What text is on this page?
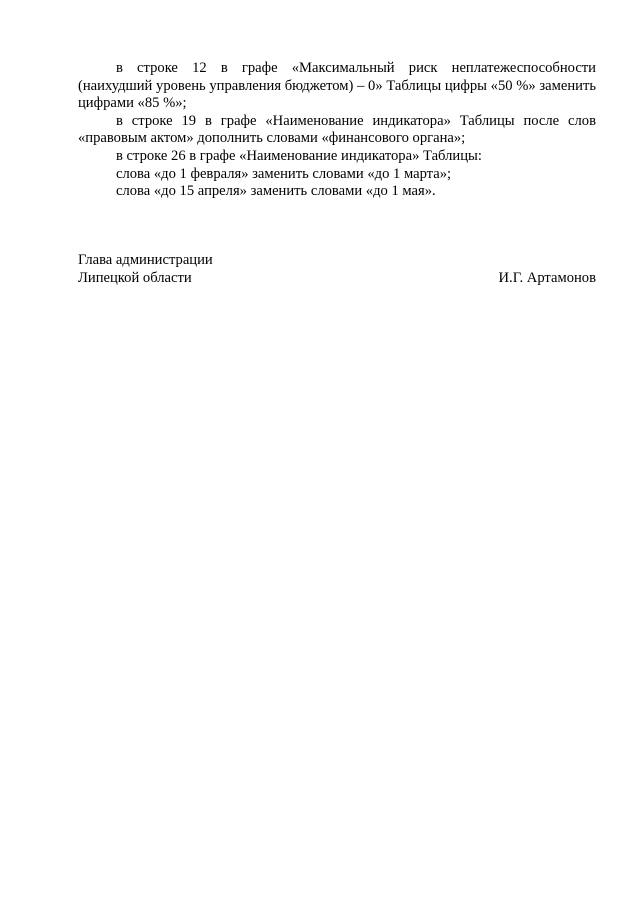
в строке 12 в графе «Максимальный риск неплатежеспособности (наихудший уровень управления бюджетом) – 0» Таблицы цифры «50 %» заменить цифрами «85 %»;

в строке 19 в графе «Наименование индикатора» Таблицы после слов «правовым актом» дополнить словами «финансового органа»;

в строке 26 в графе «Наименование индикатора» Таблицы:

слова «до 1 февраля» заменить словами «до 1 марта»;

слова «до 15 апреля» заменить словами «до 1 мая».

Глава администрации
Липецкой области	И.Г. Артамонов
